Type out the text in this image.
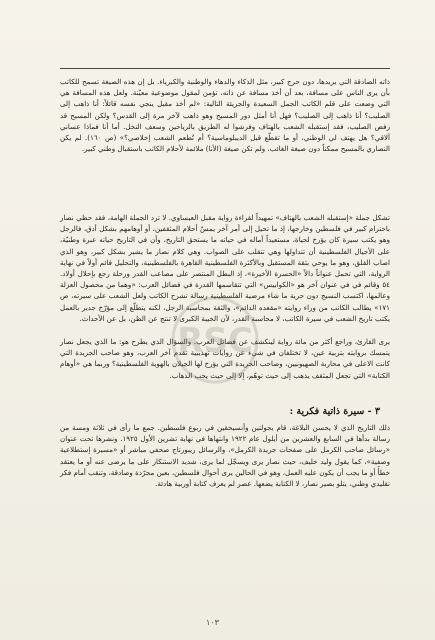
ذاته الصادقة التي يريدها، دون حرج كبير، مثل الذكاء والدهاء والوطنية والكبرياء. بل إن هذه الصيغة تسمح للكاتب بأن يرى الناس على مسافة، بعد أن أخذ مسافة عن ذاته، تؤمن لمقول موضوعية معيّنة. ولعل هذه المسافة هي التي وضعت على قلم الكاتب الجمل السعيدة والجريئة التالية: «لم أخذ مقبل ينجي نفسه قائلاً: أنا ذاهب إلى الصليب؟ أنا ذاهب إلى الصليب؟ فهل أنا أمثل دور المسيح وهو ذاهب لآخر مرة إلى القدس؟ ولكن المسيح قد رفض الصليب، فقد إستقبله الشعب بالهتاف وفرشوا له الطريق بالرياحين وسعف النخل. أما أنا فماذا عساني آلاقي؟ هل يهتف لي الوطني، أو ما تقطّع قبل الديبلوماسية؟ أم تُطعم الشعب إخلاصي؟» (ص ١٦٠). لم يكن النصاري بالمسيح ممكناً دون صيغة الغائب، ولم تكن صيغة (الأنا) ملائمة لأحلام الكاتب باستقبال وطني كبير.

تشكل جملة «إستقبله الشعب بالهتاف» تمهيداً لقراءة رواية مقبل العيساوي. لا ترد الجملة الهامة، فقد حظي نصار باحترام كبير في فلسطين وخارجها، إذ ما تحيل إلى أمر آخر يمسّ أحلام المثقفين، أو أوهامهم بشكل أدق، فالرجل وهو يكتب سيرة كان يؤرخ لحياة، مستعيداً آماله في حياته ما يستحق التاريخ، وأن في التاريخ حياته عبرة وطنيّة، على الأجيال الفلسطينية أن تتداولها وهي تتقلب على الصواب. وهي كلام نصار ما يشير بشكل كبير، وهو الذي اصاب القلق، وهو ما يوحي بثقة المستقبل وبالأكثرة الفلسطينية القاهرة بالفلسطينية، والتحليل قائم أولاً في نهاية الرواية، التي تحمل عنواناً دالاً «الحسرة الأخيرة»، إذ البطل المنتصر على مصاعب القدر ورحلة رجع بإحلال أولاد. ٥٤ وقائم في في عنوان آخر هو «الكوابيس» التي تتقاسمها القدرة في فضائل العرب: «وهما من محصول العزلة وعالمها، اكتسب النسيج دون حرية ما شاء مرضية الفلسطينية رسالة تشرح الكاتب ولعل الشعب على سيرته، ص ١٧١» يطالب الكاتب من وراء روايته «مقعده الدائم»، والثقة بمحاسبة الرجل، لكنه يتطلّع إلى مؤرّخ جدير بالعمل يكتب تاريخ الشعب في سيرة الكاتب، لا محاسبة القدر، لأن الخيبة الكبرى لا تنتج عن الظن، بل عن الأحداث.

يرى القارئ، وراجع أكثر من مائة رواية لينكشف عن فضائل العرب. والسؤال الذي يطرح هو: ما الذي يجعل نصار يتمسك بروايته بتربية عين، لا تختلفان في شيء عن روايات تهذيبية تقدم آخر العرب، وهو صاحب الجريدة التي كانت الاعلى في محاربة الصهيونيين، وصاحب الجريدة التي يؤرخ لها الجيلان بالهوية الفلسطينية؟ وربما هي «أوهام الكتابة» التي تجعل المثقف يذهب إلى حيث توهّم، إلا إلى حيث يحب الذهاب.

٣ - سيرة ذاتية فكرية :

ذلك التاريخ الذي لا يحسن البلاغة، قام بجولتين وأنسيحقين في ربوع فلسطين. جمع ما رأى في ثلاثة ومسة من رسالة بدأها في السابع والعشرين من أيلول عام ١٩٢٢ وانتهاها في نهاية تشرين الأول ١٩٢٥. ونشرها تحت عنوان «رسائل صاحب الكرمل على صفحات جريدة الكرمل»، والرسائل ريبورتاج صحفي مباشر أو «مسيرة إستطلاعية وصفية»، كما يقول وليد خليف، حيث نصار يرى ويسجّل لما يرى، شديد الاستنكار على ما يرضى عنه أو ما يعتقد خطأً أو ما يجب أن يكون عليه العمل، وهو في الحالين يرى أحوال فلسطين، بعين مجرّدة وصادقة، وتنقب أمام فكر تقليدي وطني، يتلو بصير نصار، لا الكتابة يضعها. عصر لم يعرف كتابة أوربية هادئة.

RSC
١٠٣
